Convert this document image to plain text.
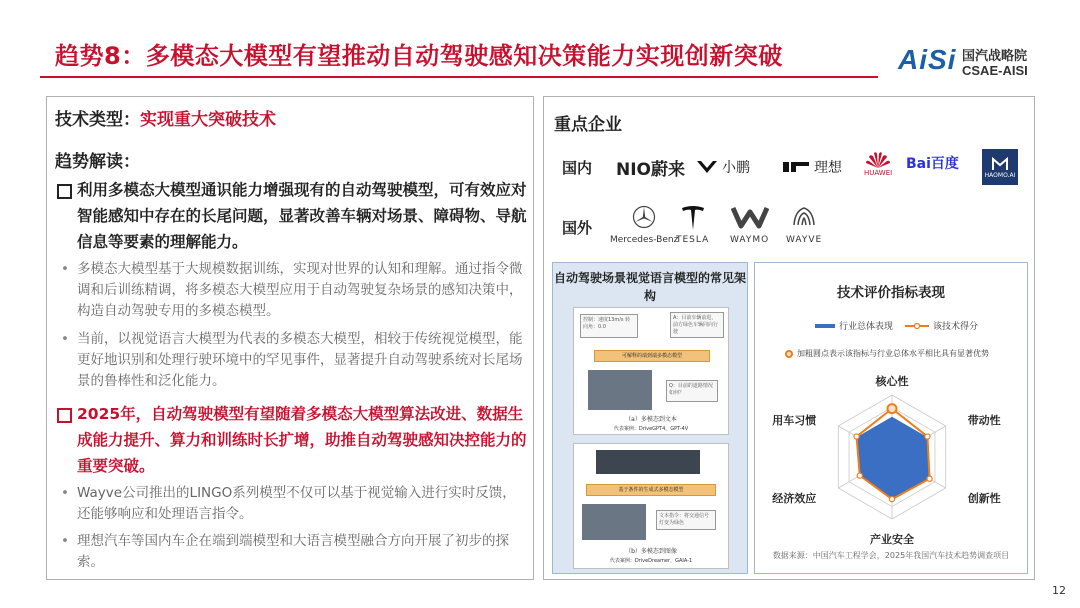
趋势8：多模态大模型有望推动自动驾驶感知决策能力实现创新突破	AiSi 国汽战略院
CSAE-AISI
技术类型：实现重大突破技术
趋势解读：
利用多模态大模型通识能力增强现有的自动驾驶模型，可有效应对智能感知中存在的长尾问题，显著改善车辆对场景、障碍物、导航信息等要素的理解能力。
• 多模态大模型基于大规模数据训练，实现对世界的认知和理解。通过指令微调和后训练精调，将多模态大模型应用于自动驾驶复杂场景的感知决策中，构造自动驾驶专用的多模态模型。
• 当前，以视觉语言大模型为代表的多模态大模型，相较于传统视觉模型，能更好地识别和处理行驶环境中的罕见事件，显著提升自动驾驶系统对长尾场景的鲁棒性和泛化能力。
2025年，自动驾驶模型有望随着多模态大模型算法改进、数据生成能力提升、算力和训练时长扩增，助推自动驾驶感知决控能力的重要突破。
• Wayve公司推出的LINGO系列模型不仅可以基于视觉输入进行实时反馈，还能够响应和处理语言指令。
• 理想汽车等国内车企在端到端模型和大语言模型融合方向开展了初步的探索。
重点企业
国内
国外
NIO蔚来	小鹏	理想	HUAWEI
Bai百度
HAOMO.AI
Mercedes-Benz
TESLA WAYMO WAYVE
自动驾驶场景视觉语言模型的常见架构
控制：速度13m/s 转向角：0.0
A：目前车辆前进，前方绿色车辆同向行驶
可解释的端到端多模态模型
Q：目前的道路情况如何？
（a）多模态到文本
代表案例：DriveGPT4，GPT-4V
基于条件的生成式多模态模型
文本指令：将交通信号灯变为绿色
（b）多模态到图像
代表案例：DriveDreamer，GAIA-1
技术评价指标表现
行业总体表现	该技术得分
加粗圆点表示该指标与行业总体水平相比具有显著优势
核心性
带动性
创新性
产业安全
经济效应
用车习惯
数据来源：中国汽车工程学会，2025年我国汽车技术趋势调查项目
12
